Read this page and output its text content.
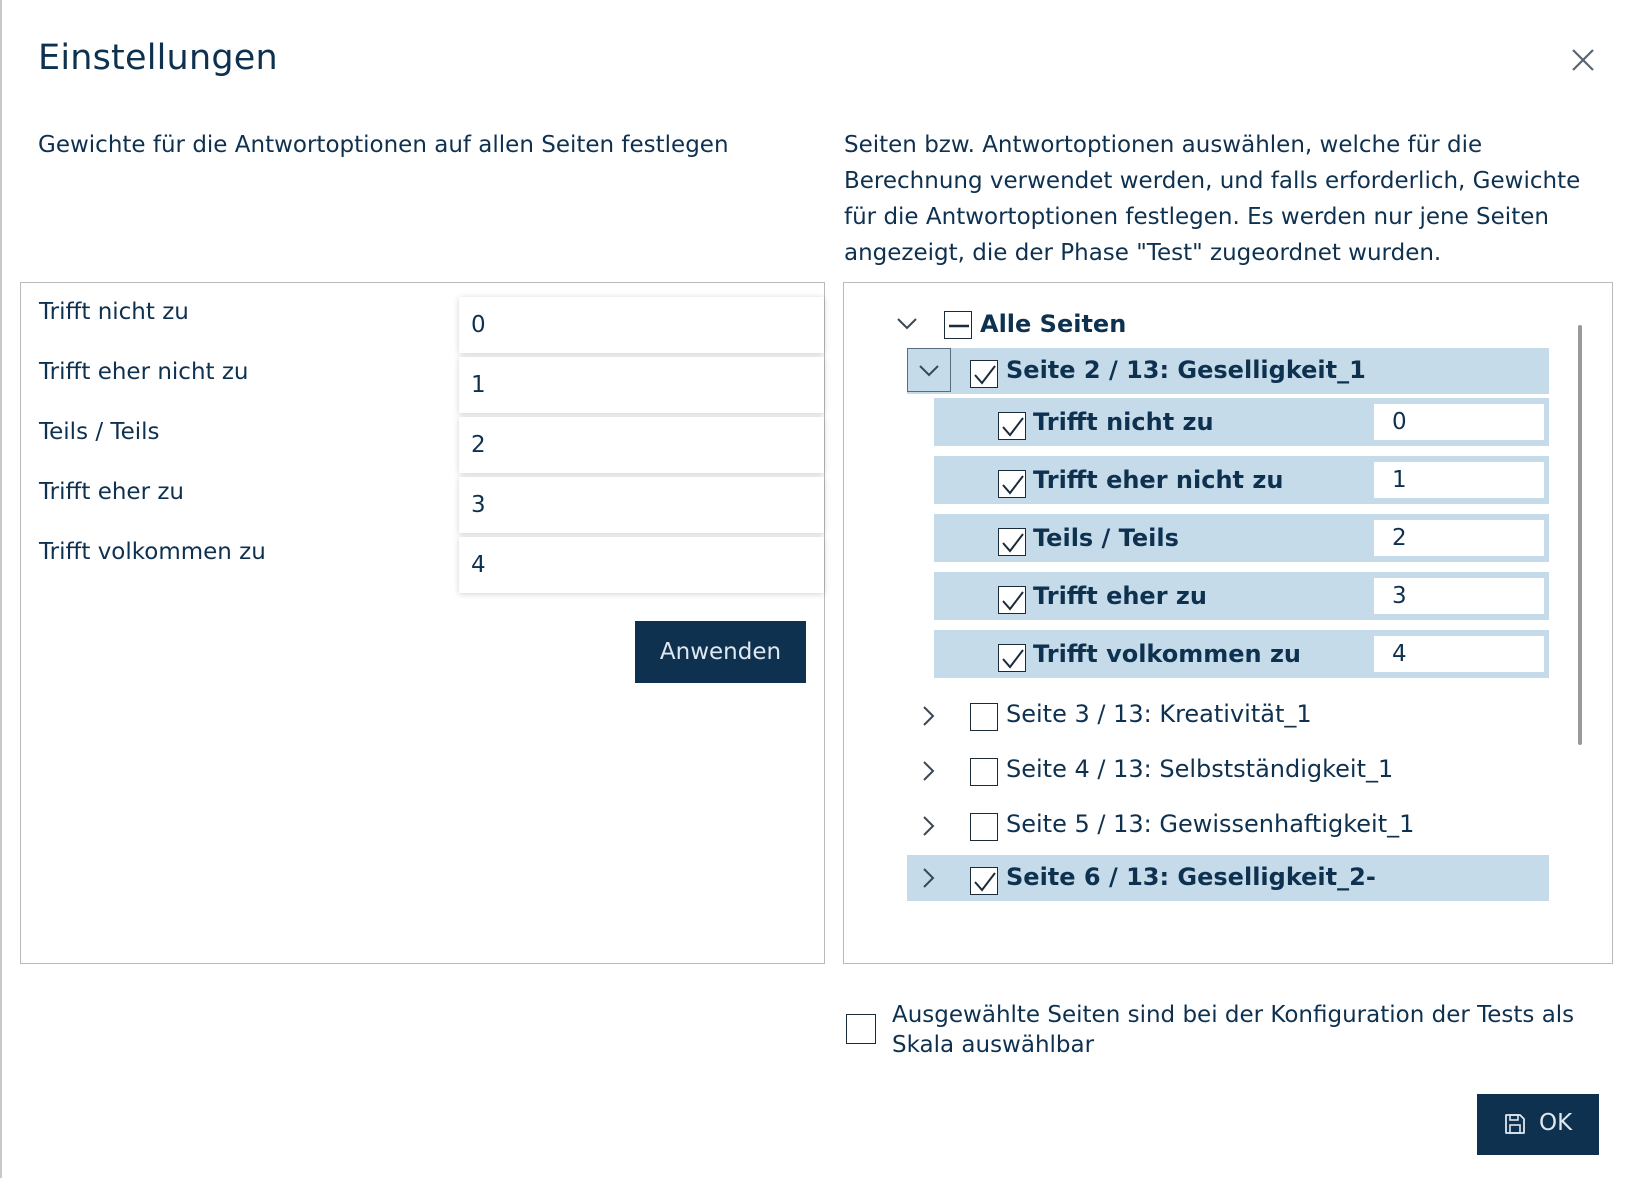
Einstellungen
Gewichte für die Antwortoptionen auf allen Seiten festlegen	Seiten bzw. Antwortoptionen auswählen, welche für die Berechnung verwendet werden, und falls erforderlich, Gewichte für die Antwortoptionen festlegen. Es werden nur jene Seiten angezeigt, die der Phase "Test" zugeordnet wurden.
Trifft nicht zu
0
Trifft eher nicht zu
1
Teils / Teils
2
Trifft eher zu
3
Trifft volkommen zu
4
Anwenden
Alle Seiten
Seite 2 / 13: Geselligkeit_1
Trifft nicht zu
0
Trifft eher nicht zu
1
Teils / Teils
2
Trifft eher zu
3
Trifft volkommen zu
4
Seite 3 / 13: Kreativität_1
Seite 4 / 13: Selbstständigkeit_1
Seite 5 / 13: Gewissenhaftigkeit_1
Seite 6 / 13: Geselligkeit_2-
Ausgewählte Seiten sind bei der Konfiguration der Tests als Skala auswählbar
OK
